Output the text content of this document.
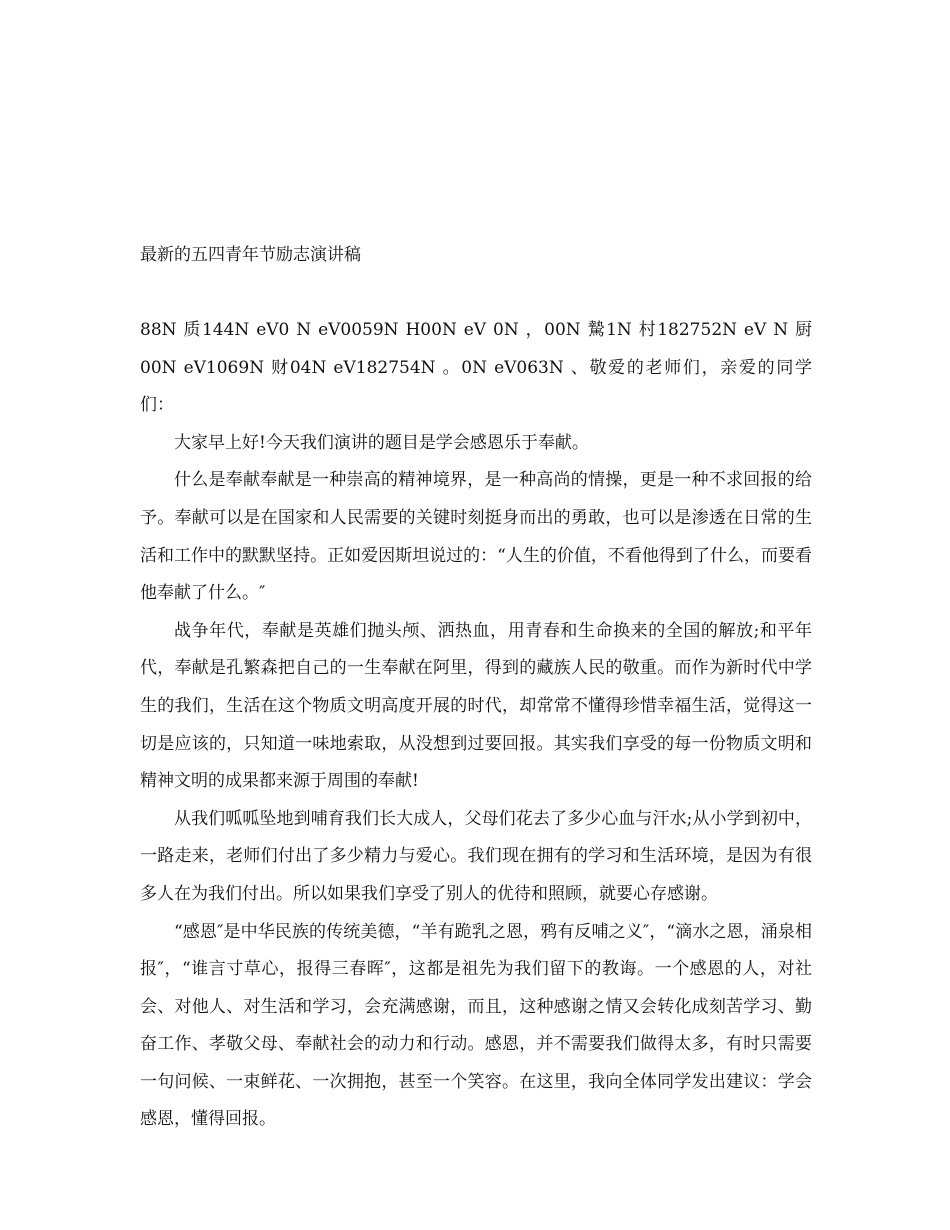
最新的五四青年节励志演讲稿

88N 质144N eV0 N eV0059N H00N eV 0N ，00N 騺1N 村182752N eV N 厨00N eV1069N 财04N eV182754N 。0N eV063N 、敬爱的老师们，亲爱的同学们：

大家早上好!今天我们演讲的题目是学会感恩乐于奉献。

什么是奉献奉献是一种崇高的精神境界，是一种高尚的情操，更是一种不求回报的给予。奉献可以是在国家和人民需要的关键时刻挺身而出的勇敢，也可以是渗透在日常的生活和工作中的默默坚持。正如爱因斯坦说过的：“人生的价值，不看他得到了什么，而要看他奉献了什么。″

战争年代，奉献是英雄们抛头颅、洒热血，用青春和生命换来的全国的解放;和平年代，奉献是孔繁森把自己的一生奉献在阿里，得到的藏族人民的敬重。而作为新时代中学生的我们，生活在这个物质文明高度开展的时代，却常常不懂得珍惜幸福生活，觉得这一切是应该的，只知道一味地索取，从没想到过要回报。其实我们享受的每一份物质文明和精神文明的成果都来源于周围的奉献!

从我们呱呱坠地到哺育我们长大成人，父母们花去了多少心血与汗水;从小学到初中，一路走来，老师们付出了多少精力与爱心。我们现在拥有的学习和生活环境，是因为有很多人在为我们付出。所以如果我们享受了别人的优待和照顾，就要心存感谢。

“感恩″是中华民族的传统美德，“羊有跪乳之恩，鸦有反哺之义″，“滴水之恩，涌泉相报″，“谁言寸草心，报得三春晖″，这都是祖先为我们留下的教诲。一个感恩的人，对社会、对他人、对生活和学习，会充满感谢，而且，这种感谢之情又会转化成刻苦学习、勤奋工作、孝敬父母、奉献社会的动力和行动。感恩，并不需要我们做得太多，有时只需要一句问候、一束鲜花、一次拥抱，甚至一个笑容。在这里，我向全体同学发出建议：学会感恩，懂得回报。
